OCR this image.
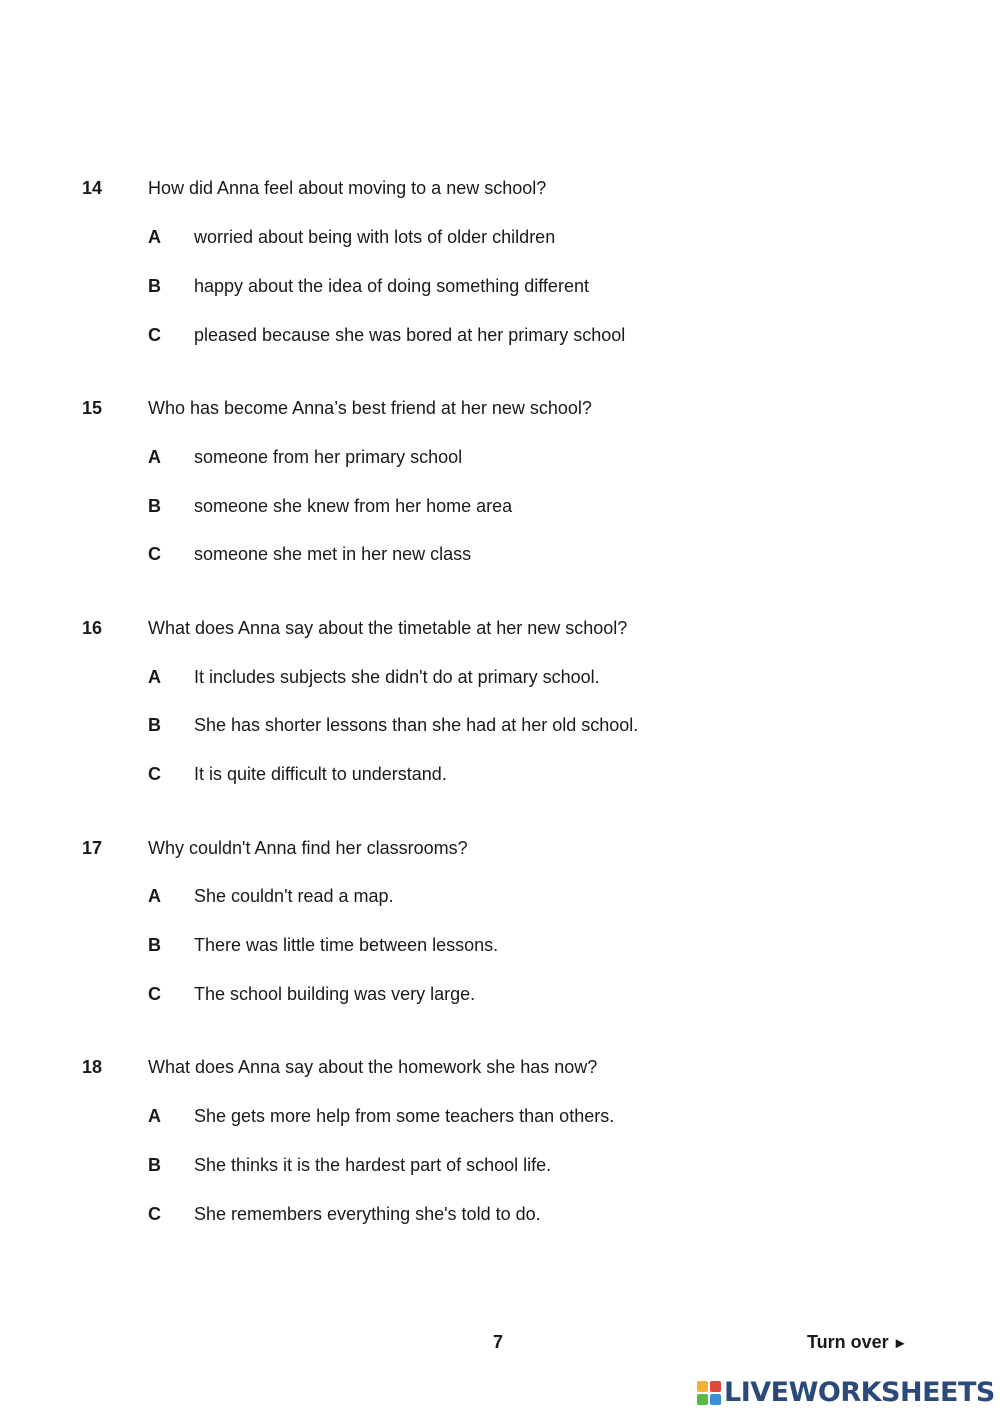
14	How did Anna feel about moving to a new school?
A worried about being with lots of older children
B happy about the idea of doing something different
C pleased because she was bored at her primary school
15	Who has become Anna’s best friend at her new school?
A someone from her primary school
B someone she knew from her home area
C someone she met in her new class
16	What does Anna say about the timetable at her new school?
A It includes subjects she didn't do at primary school.
B She has shorter lessons than she had at her old school.
C It is quite difficult to understand.
17	Why couldn't Anna find her classrooms?
A She couldn't read a map.
B There was little time between lessons.
C The school building was very large.
18	What does Anna say about the homework she has now?
A She gets more help from some teachers than others.
B She thinks it is the hardest part of school life.
C She remembers everything she's told to do.
7	Turn over ►
LIVEWORKSHEETS
